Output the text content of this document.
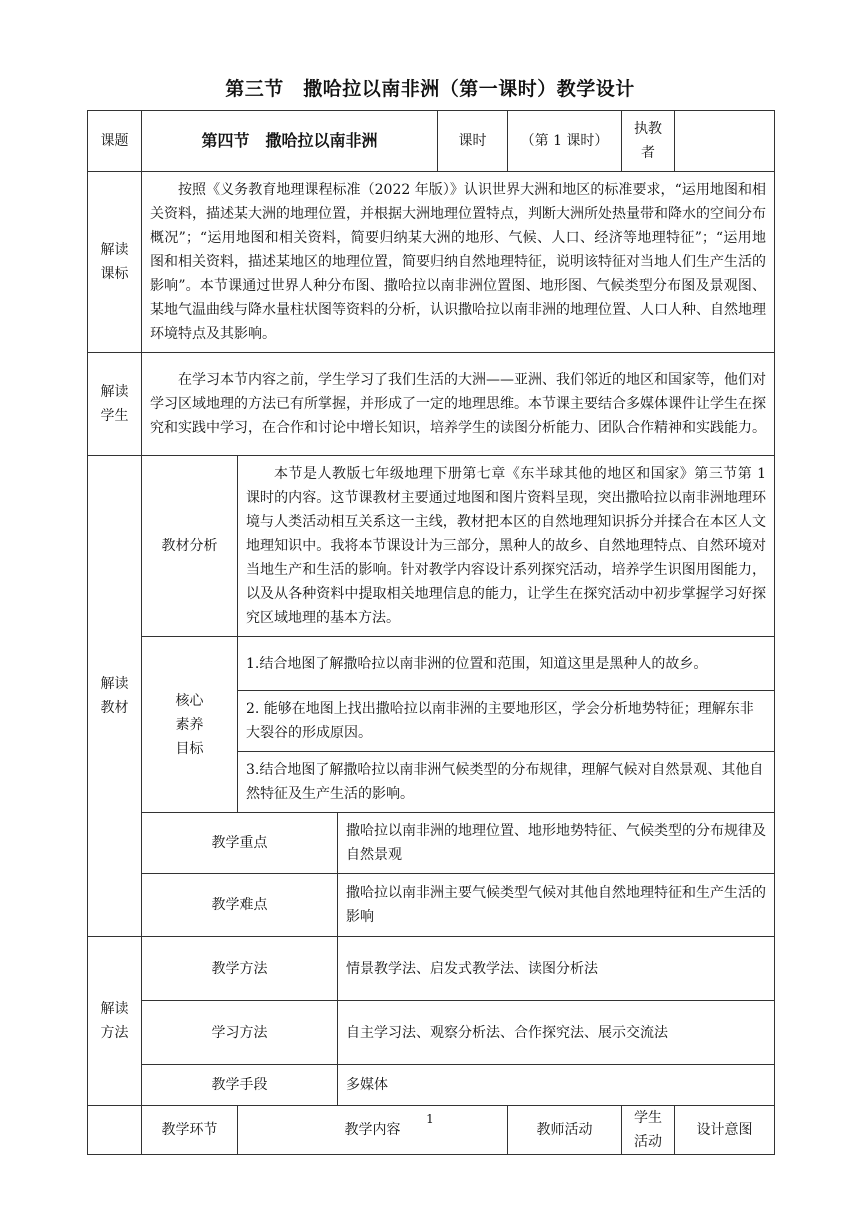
第三节　撒哈拉以南非洲（第一课时）教学设计
课题	第四节　撒哈拉以南非洲			课时	（第 1 课时）	执教者	

解读
课标	按照《义务教育地理课程标准（2022 年版）》认识世界大洲和地区的标准要求，“运用地图和相关资料，描述某大洲的地理位置，并根据大洲地理位置特点，判断大洲所处热量带和降水的空间分布概况”；“运用地图和相关资料，简要归纳某大洲的地形、气候、人口、经济等地理特征”；“运用地图和相关资料，描述某地区的地理位置，简要归纳自然地理特征，说明该特征对当地人们生产生活的影响”。本节课通过世界人种分布图、撒哈拉以南非洲位置图、地形图、气候类型分布图及景观图、某地气温曲线与降水量柱状图等资料的分析，认识撒哈拉以南非洲的地理位置、人口人种、自然地理环境特点及其影响。						

解读
学生	在学习本节内容之前，学生学习了我们生活的大洲——亚洲、我们邻近的地区和国家等，他们对学习区域地理的方法已有所掌握，并形成了一定的地理思维。本节课主要结合多媒体课件让学生在探究和实践中学习，在合作和讨论中增长知识，培养学生的读图分析能力、团队合作精神和实践能力。						

解读
教材	教材分析	本节是人教版七年级地理下册第七章《东半球其他的地区和国家》第三节第 1 课时的内容。这节课教材主要通过地图和图片资料呈现，突出撒哈拉以南非洲地理环境与人类活动相互关系这一主线，教材把本区的自然地理知识拆分并揉合在本区人文地理知识中。我将本节课设计为三部分，黑种人的故乡、自然地理特点、自然环境对当地生产和生活的影响。针对教学内容设计系列探究活动，培养学生识图用图能力，以及从各种资料中提取相关地理信息的能力，让学生在探究活动中初步掌握学习好探究区域地理的基本方法。					

	核心
素养
目标	1.结合地图了解撒哈拉以南非洲的位置和范围，知道这里是黑种人的故乡。					
		2. 能够在地图上找出撒哈拉以南非洲的主要地形区，学会分析地势特征；理解东非大裂谷的形成原因。					
		3.结合地图了解撒哈拉以南非洲气候类型的分布规律，理解气候对自然景观、其他自然特征及生产生活的影响。					
	教学重点		撒哈拉以南非洲的地理位置、地形地势特征、气候类型的分布规律及自然景观				
	教学难点		撒哈拉以南非洲主要气候类型气候对其他自然地理特征和生产生活的影响				

解读
方法	教学方法		情景教学法、启发式教学法、读图分析法				
	学习方法		自主学习法、观察分析法、合作探究法、展示交流法				
	教学手段		多媒体				
	教学环节	教学内容			教师活动	学生活动	设计意图
1
